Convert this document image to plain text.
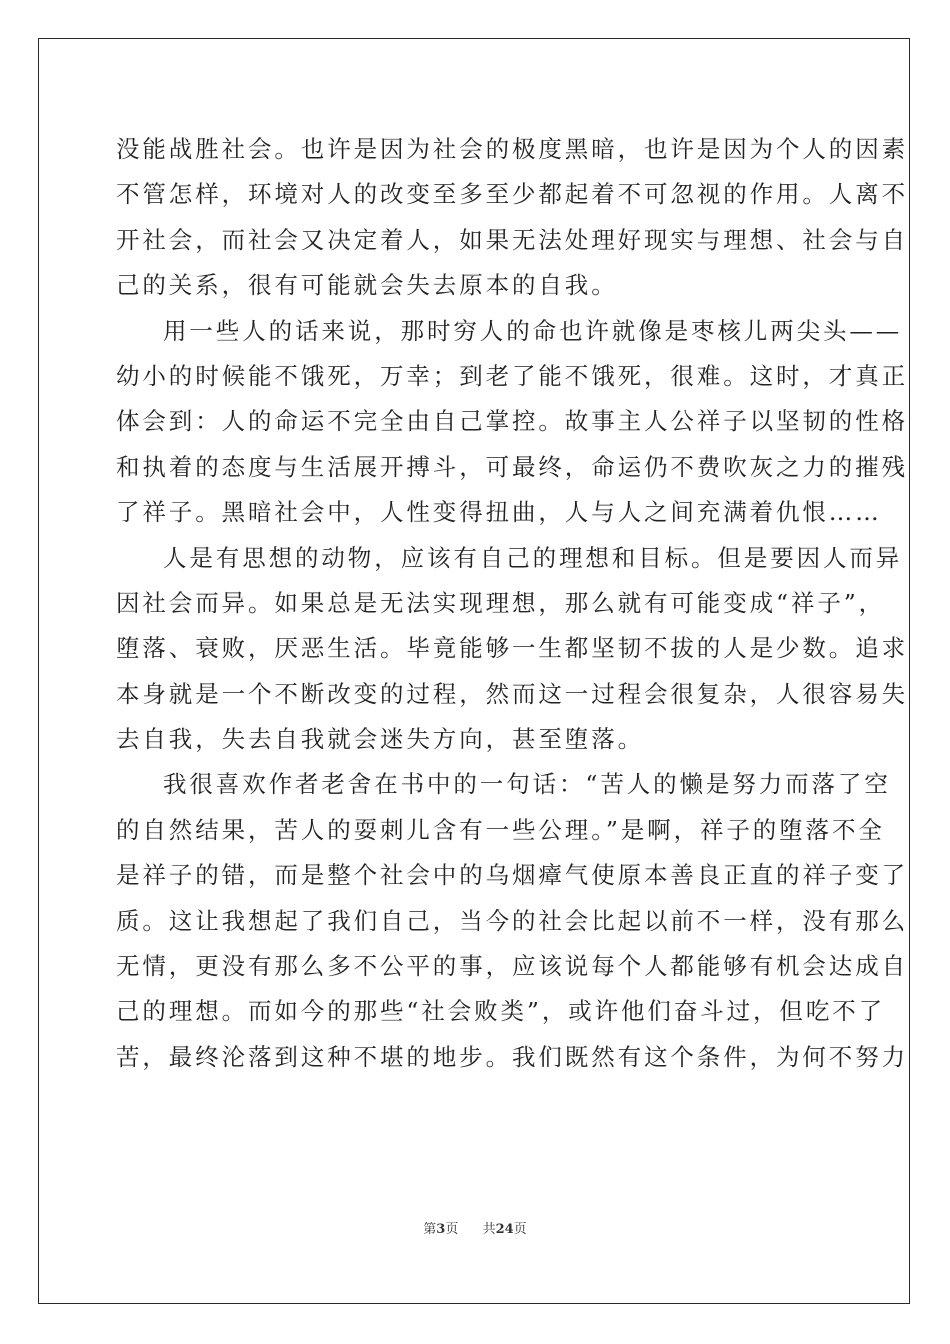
没能战胜社会。也许是因为社会的极度黑暗，也许是因为个人的因素
不管怎样，环境对人的改变至多至少都起着不可忽视的作用。人离不
开社会，而社会又决定着人，如果无法处理好现实与理想、社会与自
己的关系，很有可能就会失去原本的自我。
用一些人的话来说，那时穷人的命也许就像是枣核儿两尖头——
幼小的时候能不饿死，万幸；到老了能不饿死，很难。这时，才真正
体会到：人的命运不完全由自己掌控。故事主人公祥子以坚韧的性格
和执着的态度与生活展开搏斗，可最终，命运仍不费吹灰之力的摧残
了祥子。黑暗社会中，人性变得扭曲，人与人之间充满着仇恨……
人是有思想的动物，应该有自己的理想和目标。但是要因人而异
因社会而异。如果总是无法实现理想，那么就有可能变成“祥子”，
堕落、衰败，厌恶生活。毕竟能够一生都坚韧不拔的人是少数。追求
本身就是一个不断改变的过程，然而这一过程会很复杂，人很容易失
去自我，失去自我就会迷失方向，甚至堕落。
我很喜欢作者老舍在书中的一句话：“苦人的懒是努力而落了空
的自然结果，苦人的耍刺儿含有一些公理。”是啊，祥子的堕落不全
是祥子的错，而是整个社会中的乌烟瘴气使原本善良正直的祥子变了
质。这让我想起了我们自己，当今的社会比起以前不一样，没有那么
无情，更没有那么多不公平的事，应该说每个人都能够有机会达成自
己的理想。而如今的那些“社会败类”，或许他们奋斗过，但吃不了
苦，最终沦落到这种不堪的地步。我们既然有这个条件，为何不努力
第3页 共24页
